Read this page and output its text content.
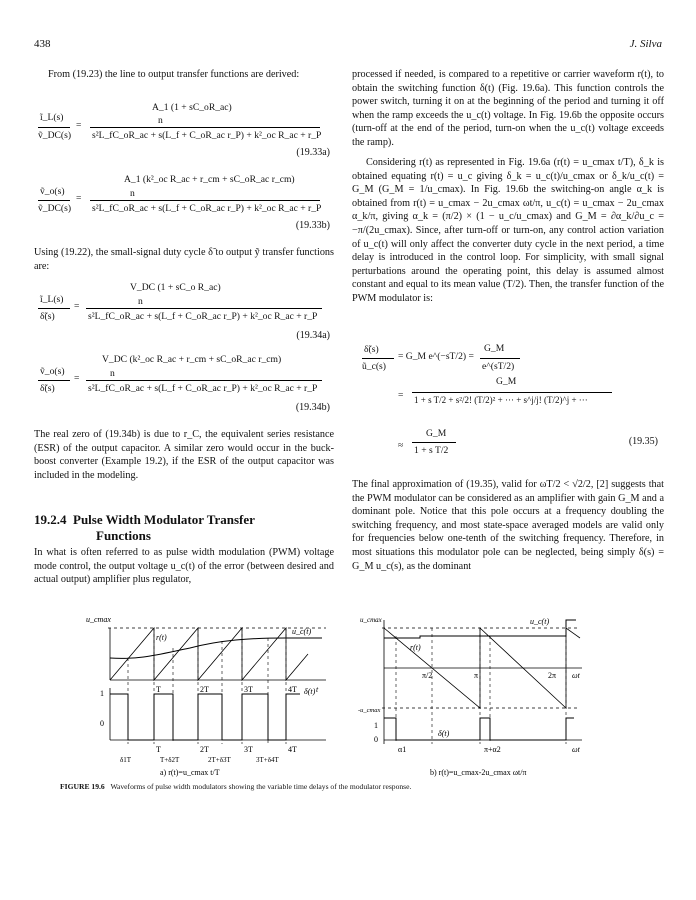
438	J. Silva
From (19.23) the line to output transfer functions are derived:
ĩ_L(s)
ṽ_DC(s)
=
A_1 (1 + sC_oR_ac)
n
s²L_fC_oR_ac + s(L_f + C_oR_ac r_P) + k²_oc R_ac + r_P
(19.33a)
ṽ_o(s)
ṽ_DC(s)
=
A_1 (k²_oc R_ac + r_cm + sC_oR_ac r_cm)
n
s²L_fC_oR_ac + s(L_f + C_oR_ac r_P) + k²_oc R_ac + r_P
(19.33b)
Using (19.22), the small-signal duty cycle δ̃ to output ỹ transfer functions are:
ĩ_L(s)
δ̃(s)
=
V_DC (1 + sC_o R_ac)
n
s²L_fC_oR_ac + s(L_f + C_oR_ac r_P) + k²_oc R_ac + r_P
(19.34a)
ṽ_o(s)
δ̃(s)
=
V_DC (k²_oc R_ac + r_cm + sC_oR_ac r_cm)
n
s²L_fC_oR_ac + s(L_f + C_oR_ac r_P) + k²_oc R_ac + r_P
(19.34b)
The real zero of (19.34b) is due to r_C, the equivalent series resistance (ESR) of the output capacitor. A similar zero would occur in the buck-boost converter (Example 19.2), if the ESR of the output capacitor was included in the modeling.
19.2.4 Pulse Width Modulator Transfer
Functions
In what is often referred to as pulse width modulation (PWM) voltage mode control, the output voltage u_c(t) of the error (between desired and actual output) amplifier plus regulator,
processed if needed, is compared to a repetitive or carrier waveform r(t), to obtain the switching function δ(t) (Fig. 19.6a). This function controls the power switch, turning it on at the beginning of the period and turning it off when the ramp exceeds the u_c(t) voltage. In Fig. 19.6b the opposite occurs (turn-off at the end of the period, turn-on when the u_c(t) voltage exceeds the ramp).
Considering r(t) as represented in Fig. 19.6a (r(t) = u_cmax t/T), δ_k is obtained equating r(t) = u_c giving δ_k = u_c(t)/u_cmax or δ_k/u_c(t) = G_M (G_M = 1/u_cmax). In Fig. 19.6b the switching-on angle α_k is obtained from r(t) = u_cmax − 2u_cmax ωt/π, u_c(t) = u_cmax − 2u_cmax α_k/π, giving α_k = (π/2) × (1 − u_c/u_cmax) and G_M = ∂α_k/∂u_c = −π/(2u_cmax). Since, after turn-off or turn-on, any control action variation of u_c(t) will only affect the converter duty cycle in the next period, a time delay is introduced in the control loop. For simplicity, with small signal perturbations around the operating point, this delay is assumed almost constant and equal to its mean value (T/2). Then, the transfer function of the PWM modulator is:
δ̃(s)
ũ_c(s)
= G_M e^(−sT/2) =
G_M
e^(sT/2)
=
G_M
1 + s T/2 + s²/2! (T/2)² + ··· + s^j/j! (T/2)^j + ···
≈
G_M
1 + s T/2
(19.35)
The final approximation of (19.35), valid for ωT/2 < √2/2, [2] suggests that the PWM modulator can be considered as an amplifier with gain G_M and a dominant pole. Notice that this pole occurs at a frequency doubling the switching frequency, and most state-space averaged models are valid only for frequencies below one-tenth of the switching frequency. Therefore, in most situations this modulator pole can be neglected, being simply δ(s) = G_M u_c(s), as the dominant
u_cmax
r(t)
u_c(t)
t
1
0
δ(t)
T	2T	3T	4T
T	2T	3T	4T
δ1T	T+δ2T	2T+δ3T	3T+δ4T
a) r(t)=u_cmax t/T
u_cmax
-u_cmax
r(t)
u_c(t)
ωt
π/2	π	2π
1
0
δ(t)
α1	π+α2	ωt
b) r(t)=u_cmax-2u_cmax ωt/π
FIGURE 19.6 Waveforms of pulse width modulators showing the variable time delays of the modulator response.
